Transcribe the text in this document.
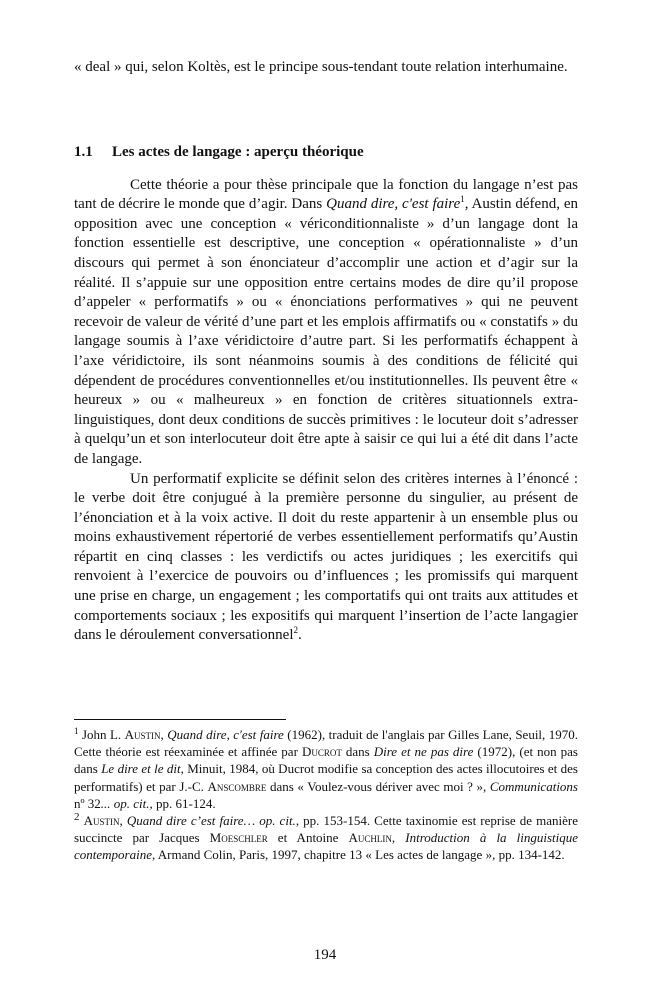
« deal » qui, selon Koltès, est le principe sous-tendant toute relation interhumaine.

1.1 Les actes de langage : aperçu théorique

Cette théorie a pour thèse principale que la fonction du langage n’est pas tant de décrire le monde que d’agir. Dans Quand dire, c'est faire$^1$, Austin défend, en opposition avec une conception « vériconditionnaliste » d’un langage dont la fonction essentielle est descriptive, une conception « opérationnaliste » d’un discours qui permet à son énonciateur d’accomplir une action et d’agir sur la réalité. Il s’appuie sur une opposition entre certains modes de dire qu’il propose d’appeler « performatifs » ou « énonciations performatives » qui ne peuvent recevoir de valeur de vérité d’une part et les emplois affirmatifs ou « constatifs » du langage soumis à l’axe véridictoire d’autre part. Si les performatifs échappent à l’axe véridictoire, ils sont néanmoins soumis à des conditions de félicité qui dépendent de procédures conventionnelles et/ou institutionnelles. Ils peuvent être « heureux » ou « malheureux » en fonction de critères situationnels extra-linguistiques, dont deux conditions de succès primitives : le locuteur doit s’adresser à quelqu’un et son interlocuteur doit être apte à saisir ce qui lui a été dit dans l’acte de langage.

Un performatif explicite se définit selon des critères internes à l’énoncé : le verbe doit être conjugué à la première personne du singulier, au présent de l’énonciation et à la voix active. Il doit du reste appartenir à un ensemble plus ou moins exhaustivement répertorié de verbes essentiellement performatifs qu’Austin répartit en cinq classes : les verdictifs ou actes juridiques ; les exercitifs qui renvoient à l’exercice de pouvoirs ou d’influences ; les promissifs qui marquent une prise en charge, un engagement ; les comportatifs qui ont traits aux attitudes et comportements sociaux ; les expositifs qui marquent l’insertion de l’acte langagier dans le déroulement conversationnel$^2$.

$^1$ John L. Austin, Quand dire, c'est faire (1962), traduit de l'anglais par Gilles Lane, Seuil, 1970. Cette théorie est réexaminée et affinée par Ducrot dans Dire et ne pas dire (1972), (et non pas dans Le dire et le dit, Minuit, 1984, où Ducrot modifie sa conception des actes illocutoires et des performatifs) et par J.-C. Anscombre dans « Voulez-vous dériver avec moi ? », Communications nº 32... op. cit., pp. 61-124.

$^2$ Austin, Quand dire c’est faire… op. cit., pp. 153-154. Cette taxinomie est reprise de manière succincte par Jacques Moeschler et Antoine Auchlin, Introduction à la linguistique contemporaine, Armand Colin, Paris, 1997, chapitre 13 « Les actes de langage », pp. 134-142.

194
